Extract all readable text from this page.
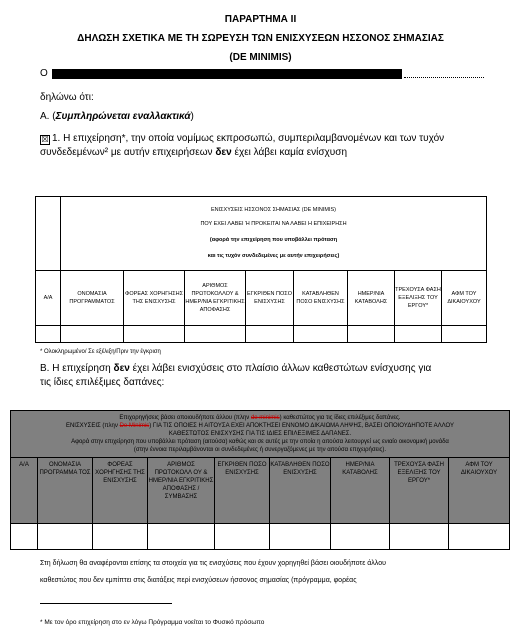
ΠΑΡΑΡΤΗΜΑ ΙΙ
ΔΗΛΩΣΗ ΣΧΕΤΙΚΑ ΜΕ ΤΗ ΣΩΡΕΥΣΗ ΤΩΝ ΕΝΙΣΧΥΣΕΩΝ ΗΣΣΟΝΟΣ ΣΗΜΑΣΙΑΣ
(DE MINIMIS)
Ο
δηλώνω ότι:
Α. (Συμπληρώνεται εναλλακτικά)
☒ 1. Η επιχείρηση*, την οποία νομίμως εκπροσωπώ, συμπεριλαμβανομένων και των τυχόν
συνδεδεμένων² με αυτήν επιχειρήσεων δεν έχει λάβει καμία ενίσχυση

	ΕΝΙΣΧΥΣΕΙΣ ΗΣΣΟΝΟΣ ΣΗΜΑΣΙΑΣ (DE MINIMIS)
ΠΟΥ ΕΧΕΙ ΛΑΒΕΙ Ή ΠΡΟΚΕΙΤΑΙ ΝΑ ΛΑΒΕΙ Η ΕΠΙΧΕΙΡΗΣΗ
(αφορά την επιχείρηση που υποβάλλει πρόταση
και τις τυχόν συνδεδεμένες με αυτήν επιχειρήσεις)							

Α/Α	ΟΝΟΜΑΣΙΑ ΠΡΟΓΡΑΜΜΑΤΟΣ	ΦΟΡΕΑΣ ΧΟΡΗΓΗΣΗΣ ΤΗΣ ΕΝΙΣΧΥΣΗΣ	ΑΡΙΘΜΟΣ ΠΡΩΤΟΚΟΛΛΟΥ & ΗΜΕΡ/ΝΙΑ ΕΓΚΡΙΤΙΚΗΣ ΑΠΟΦΑΣΗΣ	ΕΓΚΡΙΘΕΝ ΠΟΣΟ ΕΝΙΣΧΥΣΗΣ	ΚΑΤΑΒΛΗΘΕΝ ΠΟΣΟ ΕΝΙΣΧΥΣΗΣ	ΗΜΕΡ/ΝΙΑ ΚΑΤΑΒΟΛΗΣ	ΤΡΕΧΟΥΣΑ ΦΑΣΗ ΕΞΕΛΙΞΗΣ ΤΟΥ ΕΡΓΟΥ*	ΑΦΜ ΤΟΥ ΔΙΚΑΙΟΥΧΟΥ

* Ολοκληρωμένο/ Σε εξέλιξη/Πριν την έγκριση
Β. Η επιχείρηση δεν έχει λάβει ενισχύσεις στο πλαίσιο άλλων καθεστώτων ενίσχυσης για
τις ίδιες επιλέξιμες δαπάνες:
Επιχορηγήσεις βάσει οποιουδήποτε άλλου (πλην de minimis) καθεστώτος για τις ίδιες επιλέξιμες δαπάνες.
ΕΝΙΣΧΥΣΕΙΣ (πλην De Minimis) ΓΙΑ ΤΙΣ ΟΠΟΙΕΣ Η ΑΙΤΟΥΣΑ ΕΧΕΙ ΑΠΟΚΤΗΣΕΙ ΕΝΝΟΜΟ ΔΙΚΑΙΩΜΑ ΛΗΨΗΣ, ΒΑΣΕΙ ΟΠΟΙΟΥΔΗΠΟΤΕ ΑΛΛΟΥ
ΚΑΘΕΣΤΩΤΟΣ ΕΝΙΣΧΥΣΗΣ ΓΙΑ ΤΙΣ ΙΔΙΕΣ ΕΠΙΛΕΞΙΜΕΣ ΔΑΠΑΝΕΣ.
Αφορά στην επιχείρηση που υποβάλλει πρόταση (αιτούσα) καθώς και σε αυτές με την οποία η αιτούσα λειτουργεί ως ενιαίο οικονομική μονάδα
(στην έννοια περιλαμβάνονται οι συνδεδεμένες ή συνεργαζόμενες με την αιτούσα επιχειρήσεις).								

Α/Α	ΟΝΟΜΑΣΙΑ ΠΡΟΓΡΑΜΜΑ ΤΟΣ	ΦΟΡΕΑΣ ΧΟΡΗΓΗΣΗΣ ΤΗΣ ΕΝΙΣΧΥΣΗΣ	ΑΡΙΘΜΟΣ ΠΡΩΤΟΚΟΛΛ ΟΥ & ΗΜΕΡ/ΝΙΑ ΕΓΚΡΙΤΙΚΗΣ ΑΠΟΦΑΣΗΣ / ΣΥΜΒΑΣΗΣ	ΕΓΚΡΙΘΕΝ ΠΟΣΟ ΕΝΙΣΧΥΣΗΣ	ΚΑΤΑΒΛΗΘΕΝ ΠΟΣΟ ΕΝΙΣΧΥΣΗΣ	ΗΜΕΡ/ΝΙΑ ΚΑΤΑΒΟΛΗΣ	ΤΡΕΧΟΥΣΑ ΦΑΣΗ ΕΞΕΛΙΞΗΣ ΤΟΥ ΕΡΓΟΥ*	ΑΦΜ ΤΟΥ ΔΙΚΑΙΟΥΧΟΥ

Στη δήλωση θα αναφέρονται επίσης τα στοιχεία για τις ενισχύσεις που έχουν χορηγηθεί βάσει οιουδήποτε άλλου
καθεστώτος που δεν εμπίπτει στις διατάξεις περί ενισχύσεων ήσσονος σημασίας (πρόγραμμα, φορέας
* Με τον όρο επιχείρηση στο εν λόγω Πρόγραμμα νοείται το Φυσικό πρόσωπο
